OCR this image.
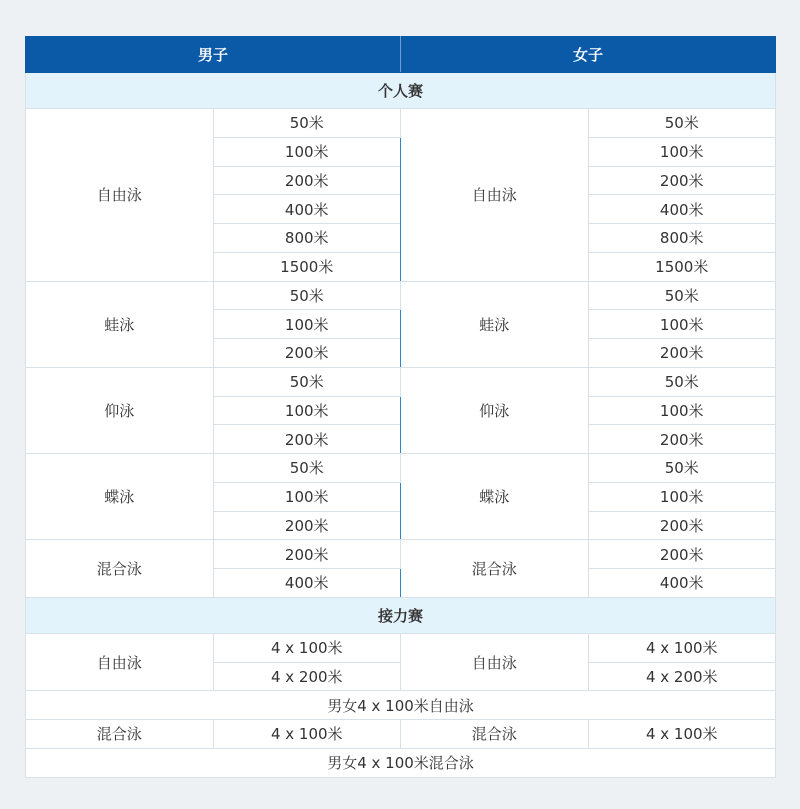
男子		女子	
个人赛			
自由泳	50米	自由泳	50米
	100米		100米
	200米		200米
	400米		400米
	800米		800米
	1500米		1500米
蛙泳	50米	蛙泳	50米
	100米		100米
	200米		200米
仰泳	50米	仰泳	50米
	100米		100米
	200米		200米
蝶泳	50米	蝶泳	50米
	100米		100米
	200米		200米
混合泳	200米	混合泳	200米
	400米		400米
接力赛			
自由泳	4 x 100米	自由泳	4 x 100米
	4 x 200米		4 x 200米
男女4 x 100米自由泳			
混合泳	4 x 100米	混合泳	4 x 100米
男女4 x 100米混合泳			
